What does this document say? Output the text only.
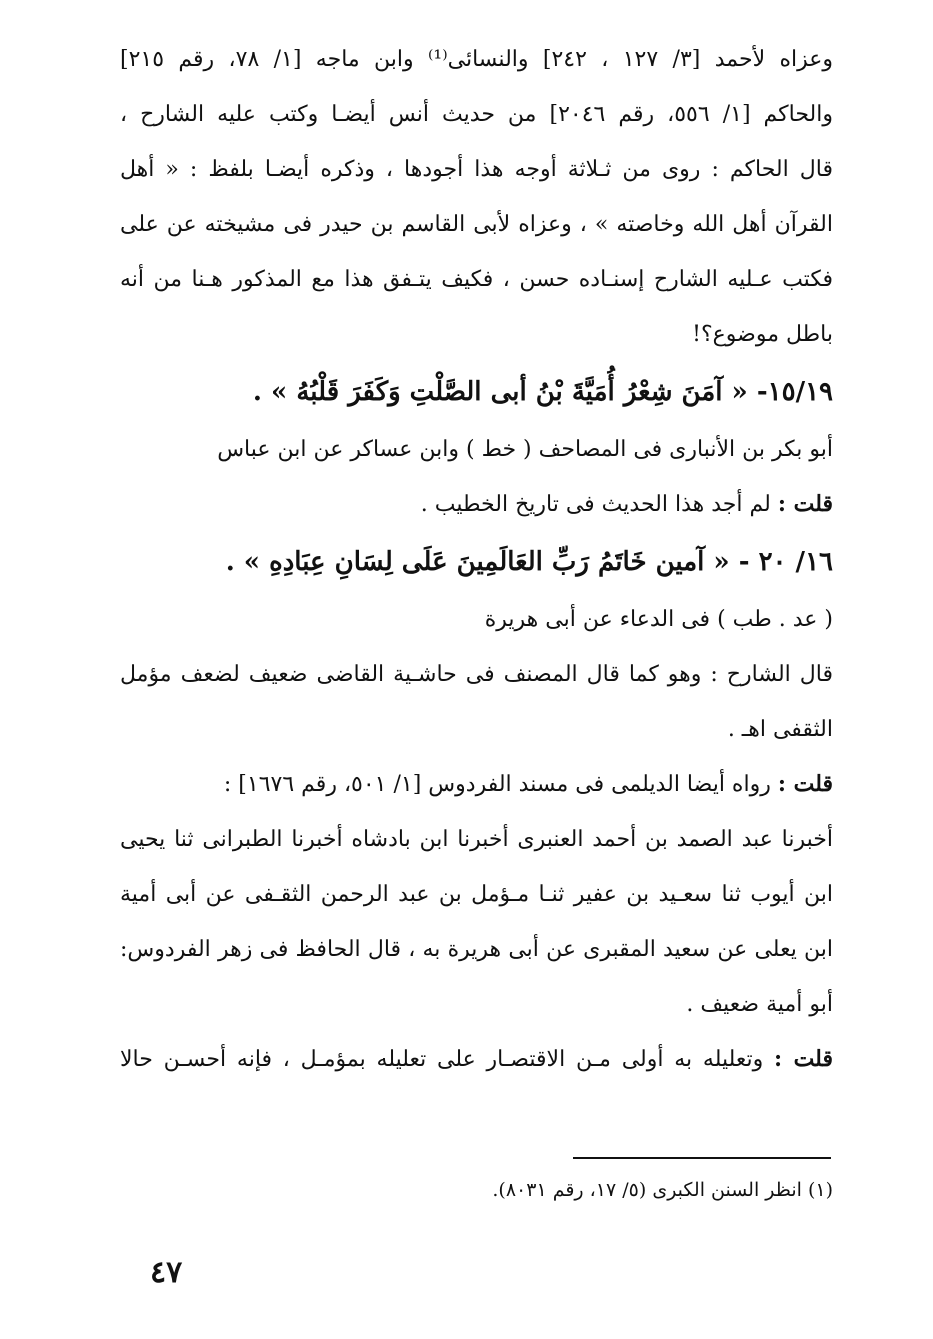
وعزاه لأحمد [٣/ ١٢٧ ، ٢٤٢] والنسائى⁽¹⁾ وابن ماجه [١/ ٧٨، رقم ٢١٥]
والحاكم [١/ ٥٥٦، رقم ٢٠٤٦] من حديث أنس أيضـا وكتب عليه الشارح ،
قال الحاكم : روى من ثـلاثة أوجه هذا أجودها ، وذكره أيضـا بلفظ : « أهل
القرآن أهل الله وخاصته » ، وعزاه لأبى القاسم بن حيدر فى مشيخته عن على
فكتب عـليه الشارح إسنـاده حسن ، فكيف يتـفق هذا مع المذكور هـنا من أنه
باطل موضوع؟!
١٥/١٩- « آمَنَ شِعْرُ أُمَيَّةَ بْنُ أبى الصَّلْتِ وَكَفَرَ قَلْبُهُ » .
أبو بكر بن الأنبارى فى المصاحف ( خط ) وابن عساكر عن ابن عباس
قلت : لم أجد هذا الحديث فى تاريخ الخطيب .
١٦/ ٢٠ - « آمين خَاتَمُ رَبِّ العَالَمِينَ عَلَى لِسَانِ عِبَادِهِ » .
( عد . طب ) فى الدعاء عن أبى هريرة
قال الشارح : وهو كما قال المصنف فى حاشـية القاضى ضعيف لضعف مؤمل
الثقفى اهـ .
قلت : رواه أيضا الديلمى فى مسند الفردوس [١/ ٥٠١، رقم ١٦٧٦] :
أخبرنا عبد الصمد بن أحمد العنبرى أخبرنا ابن بادشاه أخبرنا الطبرانى ثنا يحيى
ابن أيوب ثنا سعـيد بن عفير ثنـا مـؤمل بن عبد الرحمن الثقـفى عن أبى أمية
ابن يعلى عن سعيد المقبرى عن أبى هريرة به ، قال الحافظ فى زهر الفردوس:
أبو أمية ضعيف .
قلت : وتعليله به أولى مـن الاقتصـار على تعليله بمؤمـل ، فإنه أحسـن حالا
(١) انظر السنن الكبرى (٥/ ١٧، رقم ٨٠٣١).
٤٧
